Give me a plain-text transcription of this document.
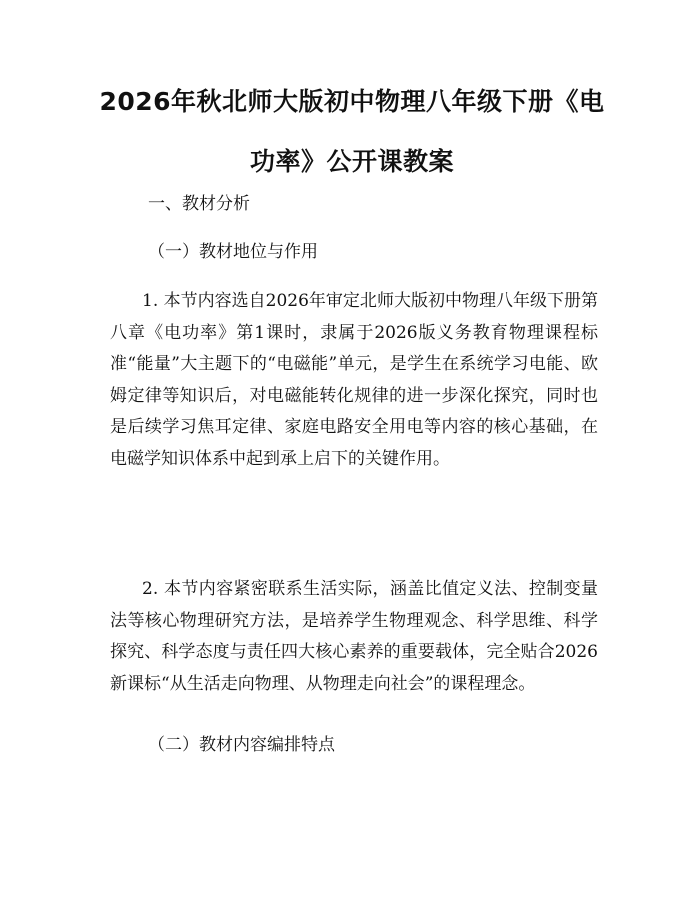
2026年秋北师大版初中物理八年级下册《电功率》公开课教案

一、教材分析

（一）教材地位与作用

1. 本节内容选自2026年审定北师大版初中物理八年级下册第八章《电功率》第1课时，隶属于2026版义务教育物理课程标准“能量”大主题下的“电磁能”单元，是学生在系统学习电能、欧姆定律等知识后，对电磁能转化规律的进一步深化探究，同时也是后续学习焦耳定律、家庭电路安全用电等内容的核心基础，在电磁学知识体系中起到承上启下的关键作用。

2. 本节内容紧密联系生活实际，涵盖比值定义法、控制变量法等核心物理研究方法，是培养学生物理观念、科学思维、科学探究、科学态度与责任四大核心素养的重要载体，完全贴合2026新课标“从生活走向物理、从物理走向社会”的课程理念。

（二）教材内容编排特点
